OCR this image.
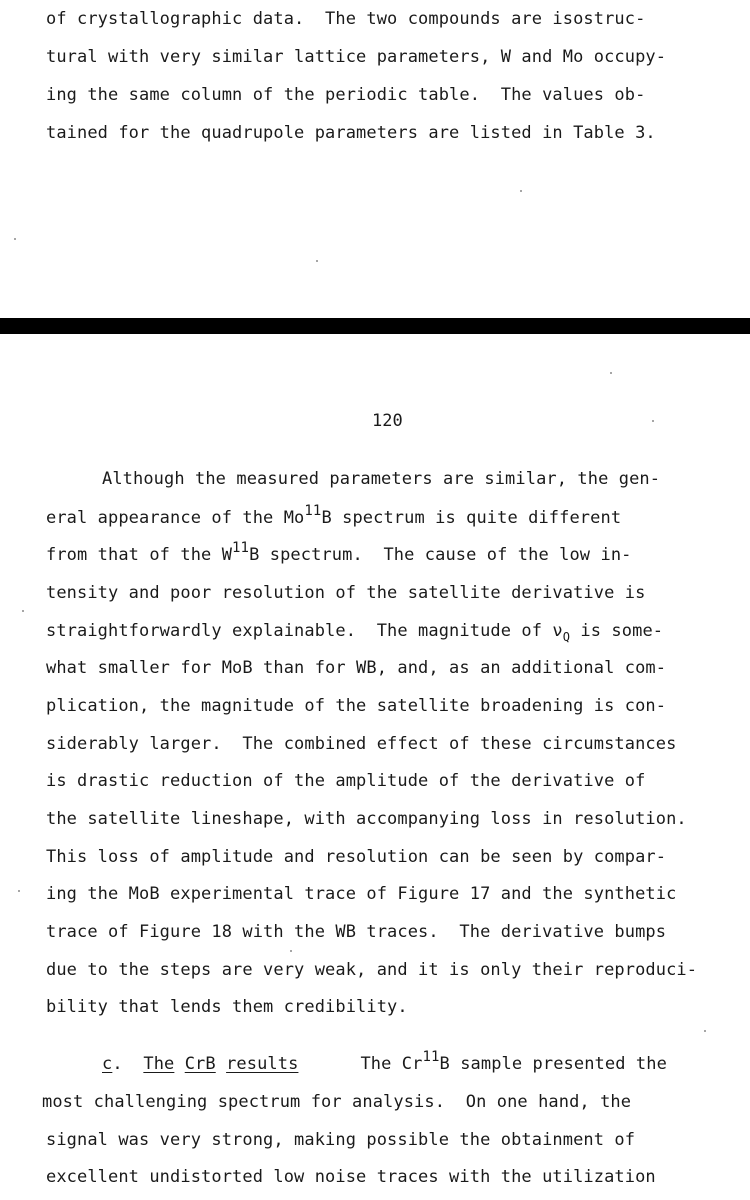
of crystallographic data.  The two compounds are isostruc-
tural with very similar lattice parameters, W and Mo occupy-
ing the same column of the periodic table.  The values ob-
tained for the quadrupole parameters are listed in Table 3.
120
Although the measured parameters are similar, the gen-
eral appearance of the Mo$^{11}$B spectrum is quite different
from that of the $W^{11}B$ spectrum.  The cause of the low in-
tensity and poor resolution of the satellite derivative is
straightforwardly explainable.  The magnitude of $\nu_Q$ is some-
what smaller for MoB than for WB, and, as an additional com-
plication, the magnitude of the satellite broadening is con-
siderably larger.  The combined effect of these circumstances
is drastic reduction of the amplitude of the derivative of
the satellite lineshape, with accompanying loss in resolution.
This loss of amplitude and resolution can be seen by compar-
ing the MoB experimental trace of Figure 17 and the synthetic
trace of Figure 18 with the WB traces.  The derivative bumps
due to the steps are very weak, and it is only their reproduci-
bility that lends them credibility.
c. The CrB results	The Cr$^{11}$B sample presented the
most challenging spectrum for analysis.  On one hand, the
signal was very strong, making possible the obtainment of
excellent undistorted low noise traces with the utilization
